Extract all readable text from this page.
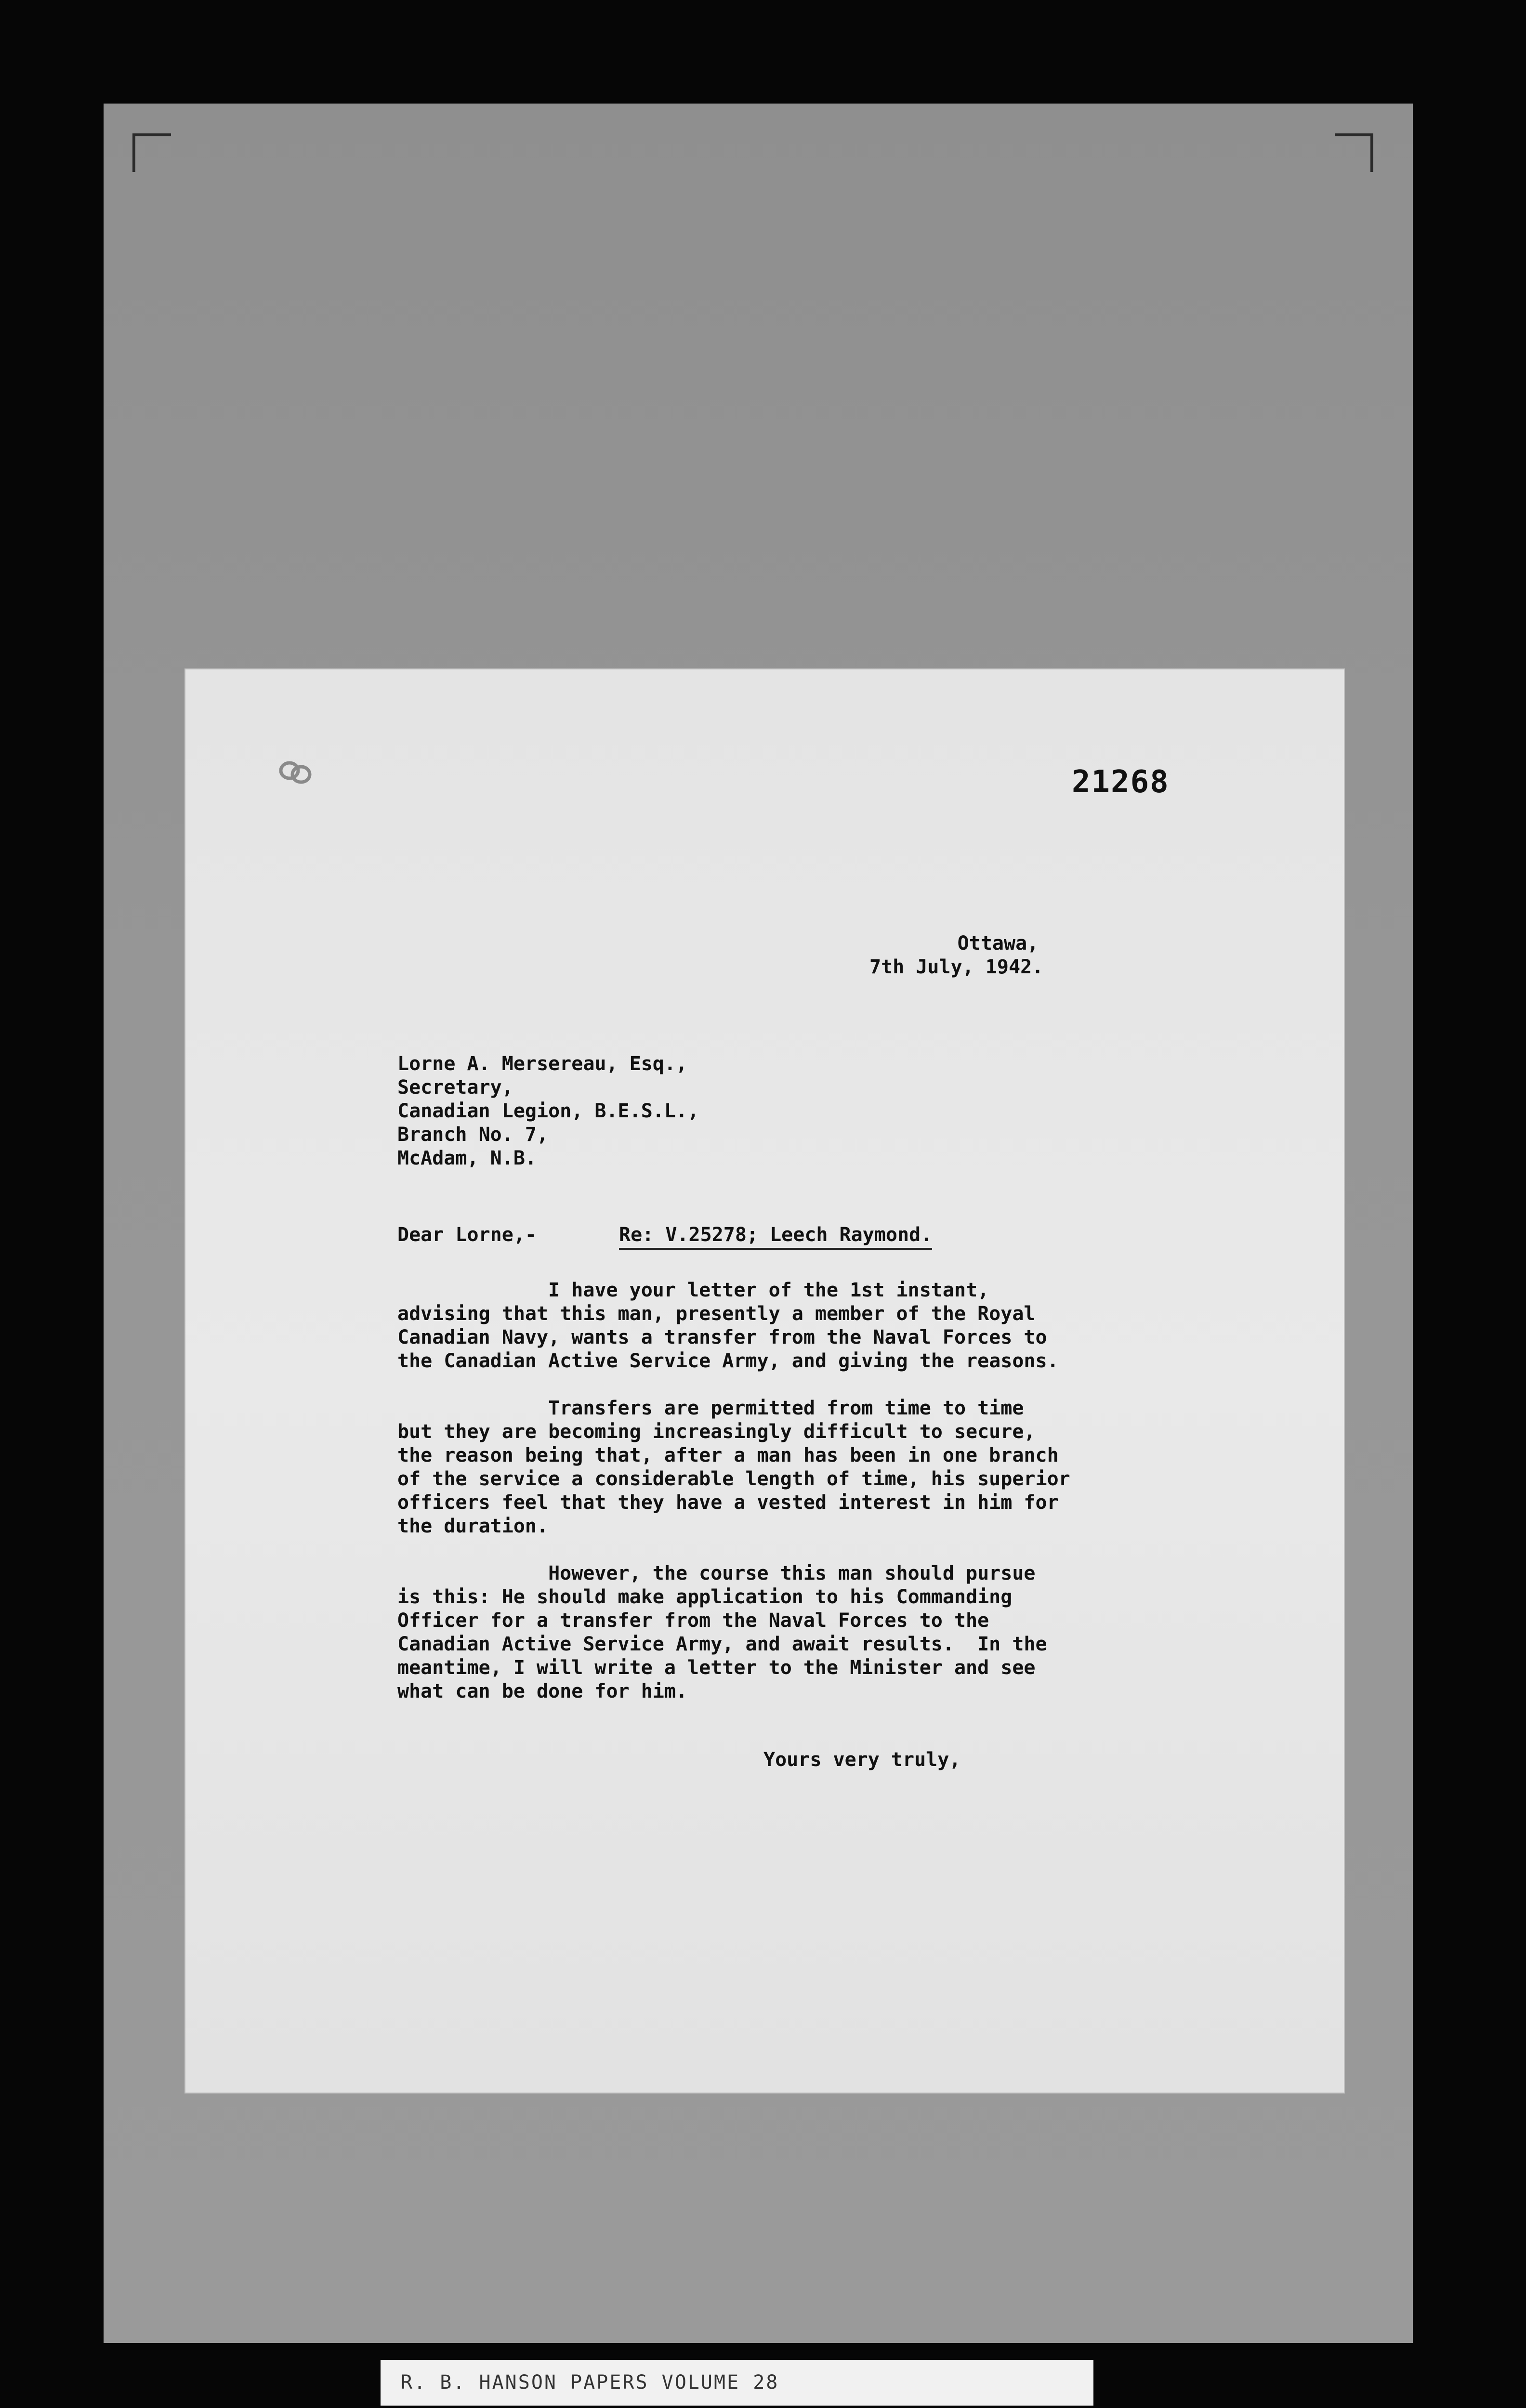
21268
Ottawa,
7th July, 1942.
Lorne A. Mersereau, Esq.,
Secretary,
Canadian Legion, B.E.S.L.,
Branch No. 7,
McAdam, N.B.
Dear Lorne,-	Re: V.25278; Leech Raymond.
I have your letter of the 1st instant,
advising that this man, presently a member of the Royal
Canadian Navy, wants a transfer from the Naval Forces to
the Canadian Active Service Army, and giving the reasons.
Transfers are permitted from time to time
but they are becoming increasingly difficult to secure,
the reason being that, after a man has been in one branch
of the service a considerable length of time, his superior
officers feel that they have a vested interest in him for
the duration.
However, the course this man should pursue
is this: He should make application to his Commanding
Officer for a transfer from the Naval Forces to the
Canadian Active Service Army, and await results.  In the
meantime, I will write a letter to the Minister and see
what can be done for him.
Yours very truly,
R. B. HANSON PAPERS VOLUME 28
